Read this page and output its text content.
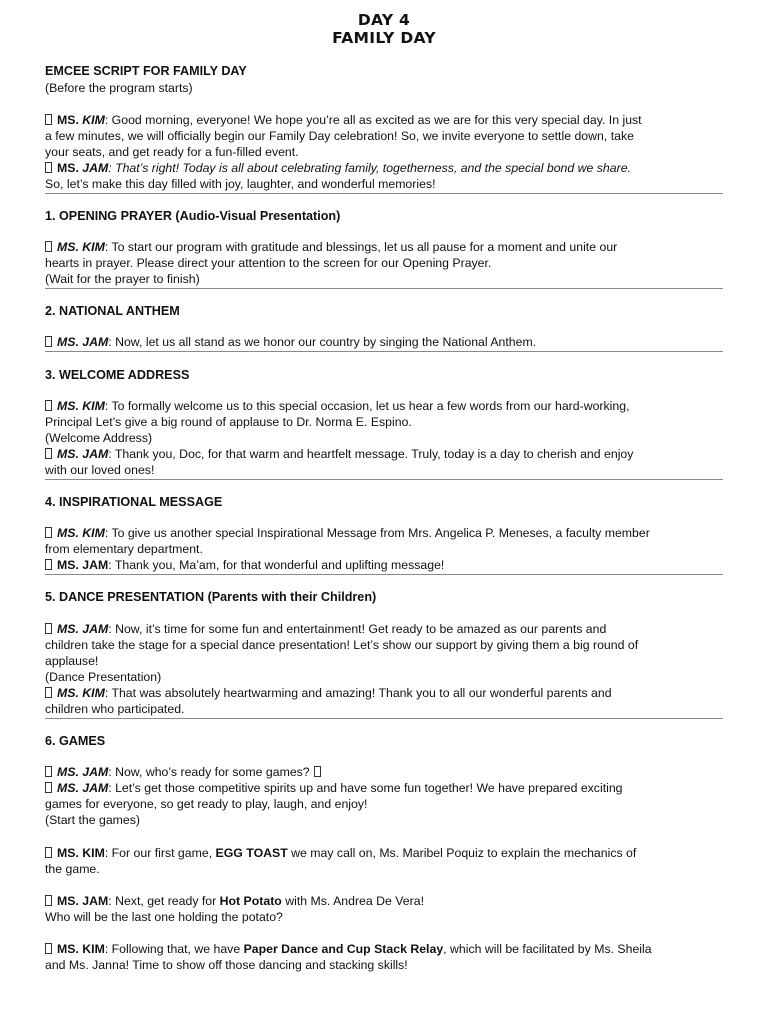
DAY 4
FAMILY DAY
EMCEE SCRIPT FOR FAMILY DAY
(Before the program starts)
MS. KIM: Good morning, everyone! We hope you’re all as excited as we are for this very special day. In just
a few minutes, we will officially begin our Family Day celebration! So, we invite everyone to settle down, take
your seats, and get ready for a fun-filled event.
MS. JAM: That’s right! Today is all about celebrating family, togetherness, and the special bond we share.
So, let’s make this day filled with joy, laughter, and wonderful memories!
1. OPENING PRAYER (Audio-Visual Presentation)
MS. KIM: To start our program with gratitude and blessings, let us all pause for a moment and unite our
hearts in prayer. Please direct your attention to the screen for our Opening Prayer.
(Wait for the prayer to finish)
2. NATIONAL ANTHEM
MS. JAM: Now, let us all stand as we honor our country by singing the National Anthem.
3. WELCOME ADDRESS
MS. KIM: To formally welcome us to this special occasion, let us hear a few words from our hard-working,
Principal Let’s give a big round of applause to Dr. Norma E. Espino.
(Welcome Address)
MS. JAM: Thank you, Doc, for that warm and heartfelt message. Truly, today is a day to cherish and enjoy
with our loved ones!
4. INSPIRATIONAL MESSAGE
MS. KIM: To give us another special Inspirational Message from Mrs. Angelica P. Meneses, a faculty member
from elementary department.
MS. JAM: Thank you, Ma’am, for that wonderful and uplifting message!
5. DANCE PRESENTATION (Parents with their Children)
MS. JAM: Now, it’s time for some fun and entertainment! Get ready to be amazed as our parents and
children take the stage for a special dance presentation! Let’s show our support by giving them a big round of
applause!
(Dance Presentation)
MS. KIM: That was absolutely heartwarming and amazing! Thank you to all our wonderful parents and
children who participated.
6. GAMES
MS. JAM: Now, who’s ready for some games?
MS. JAM: Let’s get those competitive spirits up and have some fun together! We have prepared exciting
games for everyone, so get ready to play, laugh, and enjoy!
(Start the games)
MS. KIM: For our first game, EGG TOAST we may call on, Ms. Maribel Poquiz to explain the mechanics of
the game.
MS. JAM: Next, get ready for Hot Potato with Ms. Andrea De Vera!
Who will be the last one holding the potato?
MS. KIM: Following that, we have Paper Dance and Cup Stack Relay, which will be facilitated by Ms. Sheila
and Ms. Janna! Time to show off those dancing and stacking skills!
